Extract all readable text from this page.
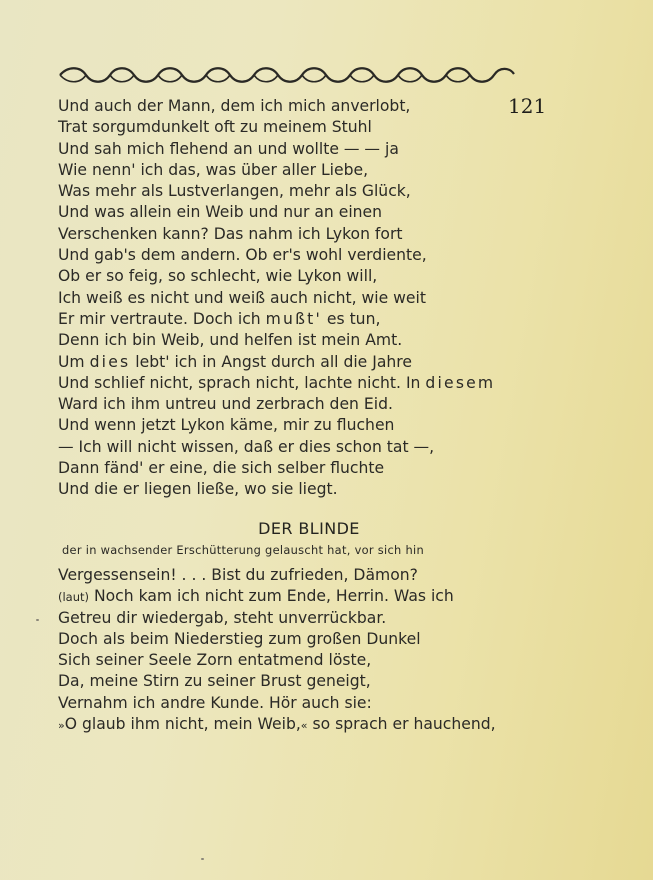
121
Und auch der Mann, dem ich mich anverlobt,
Trat sorgumdunkelt oft zu meinem Stuhl
Und sah mich flehend an und wollte — — ja
Wie nenn' ich das, was über aller Liebe,
Was mehr als Lustverlangen, mehr als Glück,
Und was allein ein Weib und nur an einen
Verschenken kann? Das nahm ich Lykon fort
Und gab's dem andern. Ob er's wohl verdiente,
Ob er so feig, so schlecht, wie Lykon will,
Ich weiß es nicht und weiß auch nicht, wie weit
Er mir vertraute. Doch ich mußt' es tun,
Denn ich bin Weib, und helfen ist mein Amt.
Um dies lebt' ich in Angst durch all die Jahre
Und schlief nicht, sprach nicht, lachte nicht. In diesem
Ward ich ihm untreu und zerbrach den Eid.
Und wenn jetzt Lykon käme, mir zu fluchen
— Ich will nicht wissen, daß er dies schon tat —,
Dann fänd' er eine, die sich selber fluchte
Und die er liegen ließe, wo sie liegt.
DER BLINDE
der in wachsender Erschütterung gelauscht hat, vor sich hin
Vergessensein! . . . Bist du zufrieden, Dämon?
(laut) Noch kam ich nicht zum Ende, Herrin. Was ich
Getreu dir wiedergab, steht unverrückbar.
Doch als beim Niederstieg zum großen Dunkel
Sich seiner Seele Zorn entatmend löste,
Da, meine Stirn zu seiner Brust geneigt,
Vernahm ich andre Kunde. Hör auch sie:
»O glaub ihm nicht, mein Weib,« so sprach er hauchend,
